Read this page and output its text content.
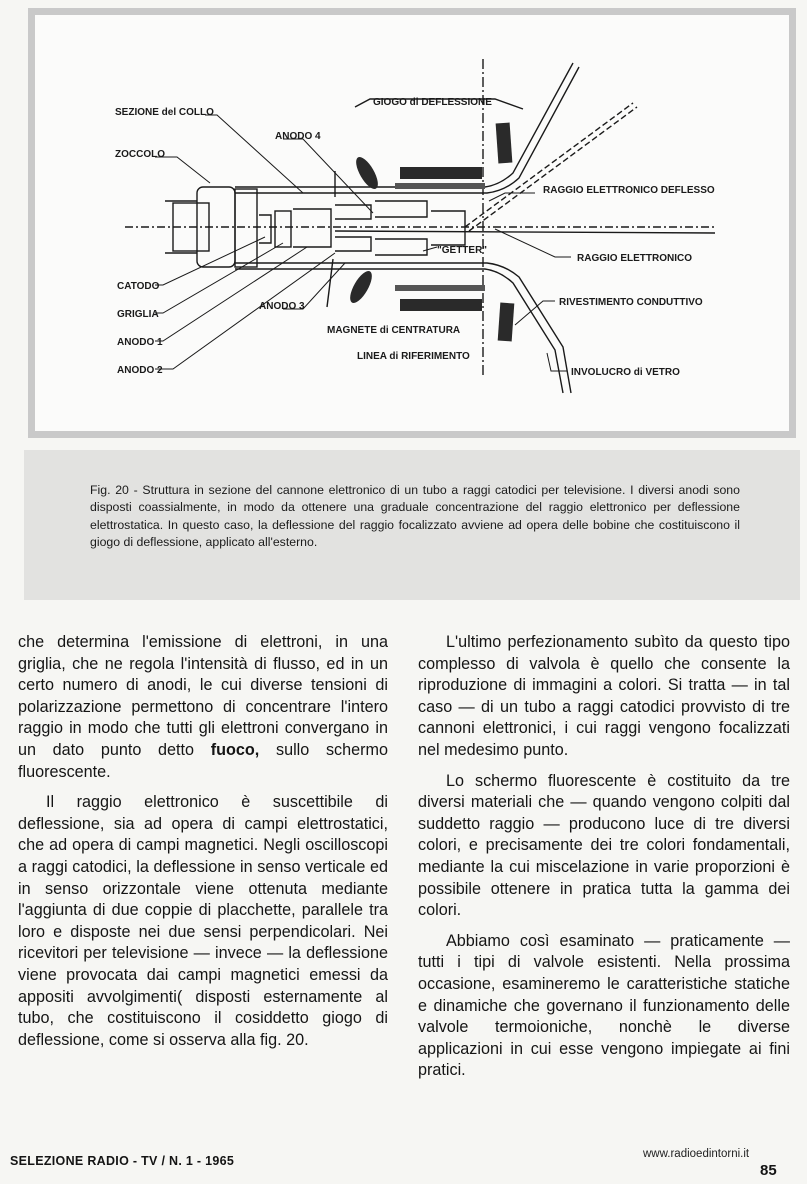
SEZIONE del COLLO
ZOCCOLO
GIOGO di DEFLESSIONE
ANODO 4
RAGGIO ELETTRONICO DEFLESSO
"GETTER"
RAGGIO ELETTRONICO
CATODO
GRIGLIA
ANODO 1
ANODO 2
ANODO 3
MAGNETE di CENTRATURA
LINEA di RIFERIMENTO
RIVESTIMENTO CONDUTTIVO
INVOLUCRO di VETRO

Fig. 20 - Struttura in sezione del cannone elettronico di un tubo a raggi catodici per televisione. I diversi anodi sono disposti coassialmente, in modo da ottenere una graduale concentrazione del raggio elettronico per deflessione elettrostatica. In questo caso, la deflessione del raggio focalizzato avviene ad opera delle bobine che costituiscono il giogo di deflessione, applicato all'esterno.

che determina l'emissione di elettroni, in una griglia, che ne regola l'intensità di flusso, ed in un certo numero di anodi, le cui diverse tensioni di polarizzazione permettono di concentrare l'intero raggio in modo che tutti gli elettroni convergano in un dato punto detto fuoco, sullo schermo fluorescente.

Il raggio elettronico è suscettibile di deflessione, sia ad opera di campi elettrostatici, che ad opera di campi magnetici. Negli oscilloscopi a raggi catodici, la deflessione in senso verticale ed in senso orizzontale viene ottenuta mediante l'aggiunta di due coppie di placchette, parallele tra loro e disposte nei due sensi perpendicolari. Nei ricevitori per televisione — invece — la deflessione viene provocata dai campi magnetici emessi da appositi avvolgimenti( disposti esternamente al tubo, che costituiscono il cosiddetto giogo di deflessione, come si osserva alla fig. 20.

L'ultimo perfezionamento subìto da questo tipo complesso di valvola è quello che consente la riproduzione di immagini a colori. Si tratta — in tal caso — di un tubo a raggi catodici provvisto di tre cannoni elettronici, i cui raggi vengono focalizzati nel medesimo punto.

Lo schermo fluorescente è costituito da tre diversi materiali che — quando vengono colpiti dal suddetto raggio — producono luce di tre diversi colori, e precisamente dei tre colori fondamentali, mediante la cui miscelazione in varie proporzioni è possibile ottenere in pratica tutta la gamma dei colori.

Abbiamo così esaminato — praticamente — tutti i tipi di valvole esistenti. Nella prossima occasione, esamineremo le caratteristiche statiche e dinamiche che governano il funzionamento delle valvole termoioniche, nonchè le diverse applicazioni in cui esse vengono impiegate ai fini pratici.

SELEZIONE RADIO - TV / N. 1 - 1965	www.radioedintorni.it
85
